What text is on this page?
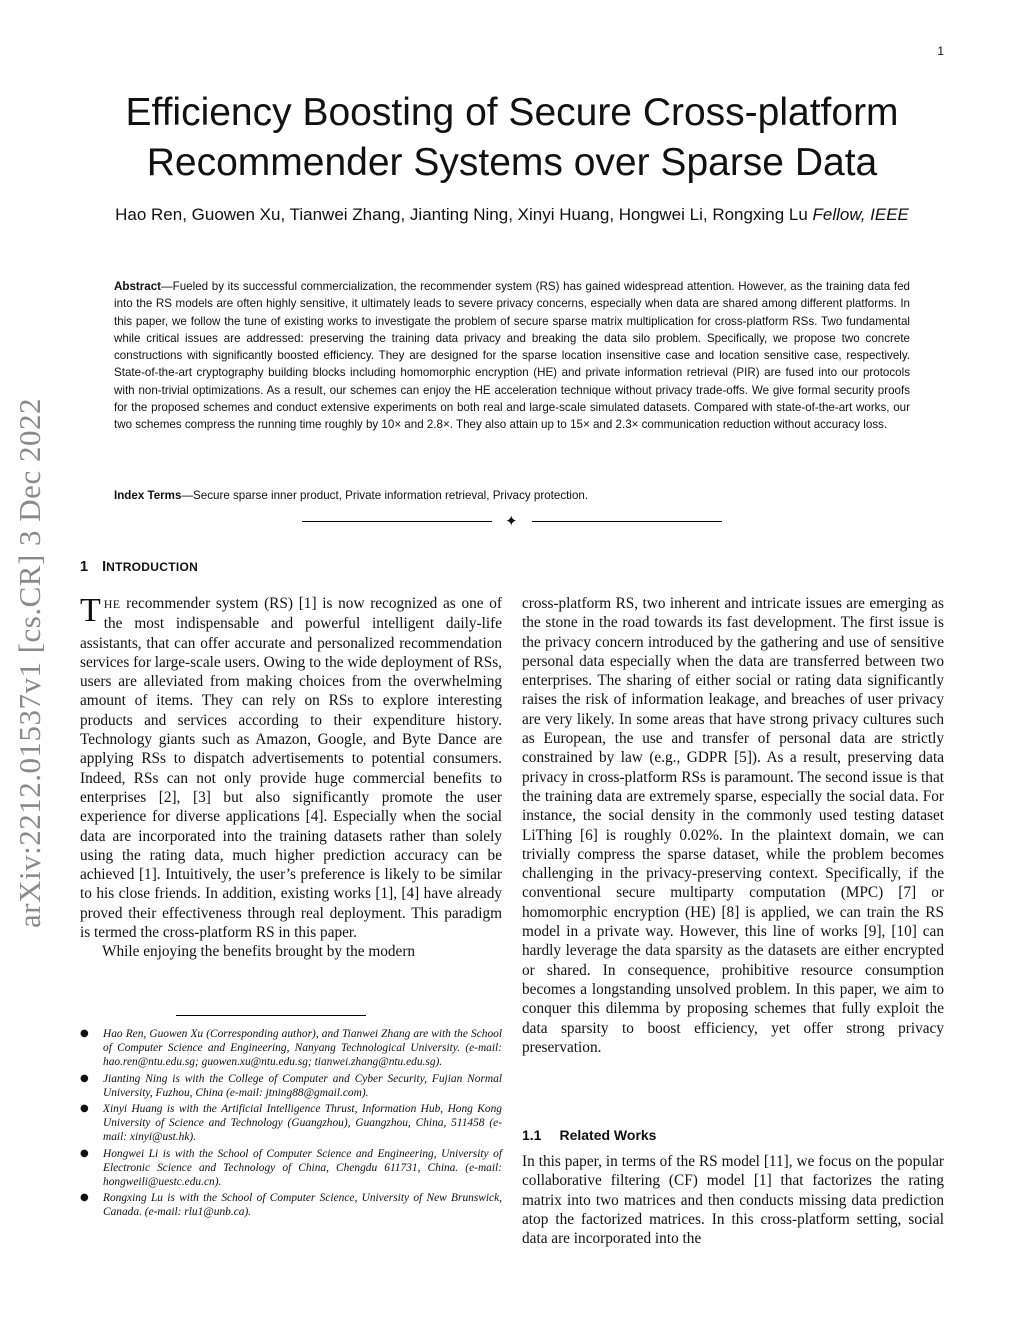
1
arXiv:2212.01537v1 [cs.CR] 3 Dec 2022
Efficiency Boosting of Secure Cross-platform Recommender Systems over Sparse Data

Hao Ren, Guowen Xu, Tianwei Zhang, Jianting Ning, Xinyi Huang, Hongwei Li, Rongxing Lu Fellow, IEEE

Abstract—Fueled by its successful commercialization, the recommender system (RS) has gained widespread attention. However, as the training data fed into the RS models are often highly sensitive, it ultimately leads to severe privacy concerns, especially when data are shared among different platforms. In this paper, we follow the tune of existing works to investigate the problem of secure sparse matrix multiplication for cross-platform RSs. Two fundamental while critical issues are addressed: preserving the training data privacy and breaking the data silo problem. Specifically, we propose two concrete constructions with significantly boosted efficiency. They are designed for the sparse location insensitive case and location sensitive case, respectively. State-of-the-art cryptography building blocks including homomorphic encryption (HE) and private information retrieval (PIR) are fused into our protocols with non-trivial optimizations. As a result, our schemes can enjoy the HE acceleration technique without privacy trade-offs. We give formal security proofs for the proposed schemes and conduct extensive experiments on both real and large-scale simulated datasets. Compared with state-of-the-art works, our two schemes compress the running time roughly by 10× and 2.8×. They also attain up to 15× and 2.3× communication reduction without accuracy loss.

Index Terms—Secure sparse inner product, Private information retrieval, Privacy protection.

✦
1 INTRODUCTION

THE recommender system (RS) [1] is now recognized as one of the most indispensable and powerful intelligent daily-life assistants, that can offer accurate and personalized recommendation services for large-scale users. Owing to the wide deployment of RSs, users are alleviated from making choices from the overwhelming amount of items. They can rely on RSs to explore interesting products and services according to their expenditure history. Technology giants such as Amazon, Google, and Byte Dance are applying RSs to dispatch advertisements to potential consumers. Indeed, RSs can not only provide huge commercial benefits to enterprises [2], [3] but also significantly promote the user experience for diverse applications [4]. Especially when the social data are incorporated into the training datasets rather than solely using the rating data, much higher prediction accuracy can be achieved [1]. Intuitively, the user’s preference is likely to be similar to his close friends. In addition, existing works [1], [4] have already proved their effectiveness through real deployment. This paradigm is termed the cross-platform RS in this paper.

While enjoying the benefits brought by the modern

● Hao Ren, Guowen Xu (Corresponding author), and Tianwei Zhang are with the School of Computer Science and Engineering, Nanyang Technological University. (e-mail: hao.ren@ntu.edu.sg; guowen.xu@ntu.edu.sg; tianwei.zhang@ntu.edu.sg).
● Jianting Ning is with the College of Computer and Cyber Security, Fujian Normal University, Fuzhou, China (e-mail: jtning88@gmail.com).
● Xinyi Huang is with the Artificial Intelligence Thrust, Information Hub, Hong Kong University of Science and Technology (Guangzhou), Guangzhou, China, 511458 (e-mail: xinyi@ust.hk).
● Hongwei Li is with the School of Computer Science and Engineering, University of Electronic Science and Technology of China, Chengdu 611731, China. (e-mail: hongweili@uestc.edu.cn).
● Rongxing Lu is with the School of Computer Science, University of New Brunswick, Canada. (e-mail: rlu1@unb.ca).

cross-platform RS, two inherent and intricate issues are emerging as the stone in the road towards its fast development. The first issue is the privacy concern introduced by the gathering and use of sensitive personal data especially when the data are transferred between two enterprises. The sharing of either social or rating data significantly raises the risk of information leakage, and breaches of user privacy are very likely. In some areas that have strong privacy cultures such as European, the use and transfer of personal data are strictly constrained by law (e.g., GDPR [5]). As a result, preserving data privacy in cross-platform RSs is paramount. The second issue is that the training data are extremely sparse, especially the social data. For instance, the social density in the commonly used testing dataset LiThing [6] is roughly 0.02%. In the plaintext domain, we can trivially compress the sparse dataset, while the problem becomes challenging in the privacy-preserving context. Specifically, if the conventional secure multiparty computation (MPC) [7] or homomorphic encryption (HE) [8] is applied, we can train the RS model in a private way. However, this line of works [9], [10] can hardly leverage the data sparsity as the datasets are either encrypted or shared. In consequence, prohibitive resource consumption becomes a longstanding unsolved problem. In this paper, we aim to conquer this dilemma by proposing schemes that fully exploit the data sparsity to boost efficiency, yet offer strong privacy preservation.

1.1 Related Works

In this paper, in terms of the RS model [11], we focus on the popular collaborative filtering (CF) model [1] that factorizes the rating matrix into two matrices and then conducts missing data prediction atop the factorized matrices. In this cross-platform setting, social data are incorporated into the
